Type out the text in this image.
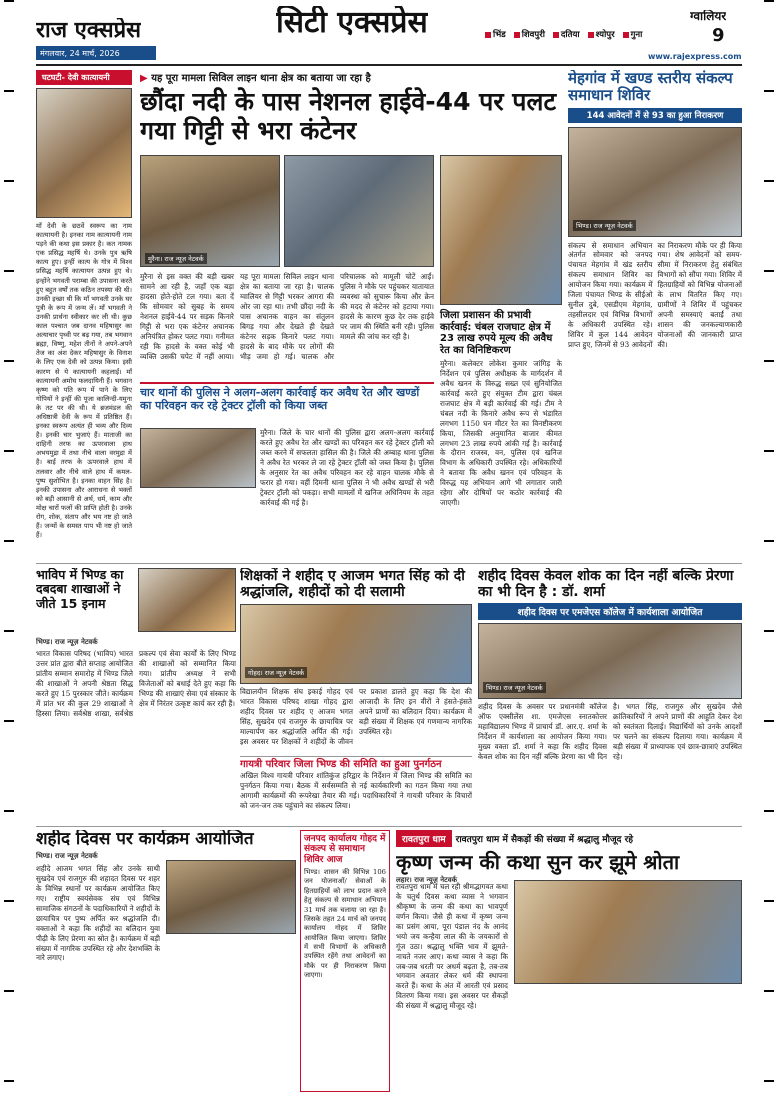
राज एक्सप्रेस
मंगलवार, 24 मार्च, 2026
सिटी एक्सप्रेस	भिंड शिवपुरी दतिया श्योपुर गुना
ग्वालियर
9
www.rajexpress.com
घटघटी- देवी कात्यायनी
माँ देवी के छठवें स्वरूप का नाम कात्यायनी है। इनका नाम कात्यायनी नाम पड़ने की कथा इस प्रकार है। कत नामक एक प्रसिद्ध महर्षि थे। उनके पुत्र ऋषि कात्य हुए। इन्हीं कात्य के गोत्र में विश्व प्रसिद्ध महर्षि कात्यायन उत्पन्न हुए थे। इन्होंने भगवती पराम्बा की उपासना करते हुए बहुत वर्षों तक कठिन तपस्या की थी। उनकी इच्छा थी कि माँ भगवती उनके घर पुत्री के रूप में जन्म लें। माँ भगवती ने उनकी प्रार्थना स्वीकार कर ली थी। कुछ काल पश्चात जब दानव महिषासुर का अत्याचार पृथ्वी पर बढ़ गया, तब भगवान ब्रह्मा, विष्णु, महेश तीनों ने अपने-अपने तेज का अंश देकर महिषासुर के विनाश के लिए एक देवी को उत्पन्न किया। इसी कारण से ये कात्यायनी कहलाईं। माँ कात्यायनी अमोघ फलदायिनी हैं। भगवान कृष्ण को पति रूप में पाने के लिए गोपियों ने इन्हीं की पूजा कालिन्दी-यमुना के तट पर की थी। ये ब्रजमंडल की अधिष्ठात्री देवी के रूप में प्रतिष्ठित हैं। इनका स्वरूप अत्यंत ही भव्य और दिव्य है। इनकी चार भुजाएं हैं। माताजी का दाहिनी तरफ का ऊपरवाला हाथ अभयमुद्रा में तथा नीचे वाला वरमुद्रा में है। बाईं तरफ के ऊपरवाले हाथ में तलवार और नीचे वाले हाथ में कमल-पुष्प सुशोभित है। इनका वाहन सिंह है। इनकी उपासना और आराधना से भक्तों को बड़ी आसानी से अर्थ, धर्म, काम और मोक्ष चारों फलों की प्राप्ति होती है। उनके रोग, शोक, संताप और भय नष्ट हो जाते हैं। जन्मों के समस्त पाप भी नष्ट हो जाते हैं।
▶ यह पूरा मामला सिविल लाइन थाना क्षेत्र का बताया जा रहा है
छौंदा नदी के पास नेशनल हाईवे-44 पर पलट गया गिट्टी से भरा कंटेनर
मुरैना। राज न्यूज़ नेटवर्क
मुरैना से इस वक्त की बड़ी खबर सामने आ रही है, जहाँ एक बड़ा हादसा होते-होते टल गया। बता दें कि सोमवार को सुबह के समय नेशनल हाईवे-44 पर सड़क किनारे गिट्टी से भरा एक कंटेनर अचानक अनियंत्रित होकर पलट गया। गनीमत रही कि हादसे के वक्त कोई भी व्यक्ति उसकी चपेट में नहीं आया। यह पूरा मामला सिविल लाइन थाना क्षेत्र का बताया जा रहा है। चालक ग्वालियर से गिट्टी भरकर आगरा की ओर जा रहा था। तभी छौंदा नदी के पास अचानक वाहन का संतुलन बिगड़ गया और देखते ही देखते कंटेनर सड़क किनारे पलट गया। हादसे के बाद मौके पर लोगों की भीड़ जमा हो गई। चालक और परिचालक को मामूली चोटें आईं। पुलिस ने मौके पर पहुंचकर यातायात व्यवस्था को सुचारू किया और क्रेन की मदद से कंटेनर को हटाया गया। हादसे के कारण कुछ देर तक हाईवे पर जाम की स्थिति बनी रही। पुलिस मामले की जांच कर रही है।
चार थानों की पुलिस ने अलग-अलग कार्रवाई कर अवैध रेत और खण्डों का परिवहन कर रहे ट्रेक्टर ट्रॉली को किया जब्त
मुरैना। जिले के चार थानों की पुलिस द्वारा अलग-अलग कार्रवाई करते हुए अवैध रेत और खण्डों का परिवहन कर रहे ट्रेक्टर ट्रॉली को जब्त करने में सफलता हासिल की है। जिले की अम्बाह थाना पुलिस ने अवैध रेत भरकर ले जा रहे ट्रेक्टर ट्रॉली को जब्त किया है। पुलिस के अनुसार रेत का अवैध परिवहन कर रहे वाहन चालक मौके से फरार हो गया। वहीं दिमनी थाना पुलिस ने भी अवैध खण्डों से भरी ट्रेक्टर ट्रॉली को पकड़ा। सभी मामलों में खनिज अधिनियम के तहत कार्रवाई की गई है।
जिला प्रशासन की प्रभावी कार्रवाई: चंबल राजघाट क्षेत्र में 23 लाख रुपये मूल्य की अवैध रेत का विनिष्टिकरण
मुरैना। कलेक्टर लोकेश कुमार जांगिड़ के निर्देशन एवं पुलिस अधीक्षक के मार्गदर्शन में अवैध खनन के विरुद्ध सख्त एवं सुनियोजित कार्रवाई करते हुए संयुक्त टीम द्वारा चंबल राजघाट क्षेत्र में बड़ी कार्रवाई की गई। टीम ने चंबल नदी के किनारे अवैध रूप से भंडारित लगभग 1150 घन मीटर रेत का विनष्टीकरण किया, जिसकी अनुमानित बाजार कीमत लगभग 23 लाख रुपये आंकी गई है। कार्रवाई के दौरान राजस्व, वन, पुलिस एवं खनिज विभाग के अधिकारी उपस्थित रहे। अधिकारियों ने बताया कि अवैध खनन एवं परिवहन के विरुद्ध यह अभियान आगे भी लगातार जारी रहेगा और दोषियों पर कठोर कार्रवाई की जाएगी।
मेहगांव में खण्ड स्तरीय संकल्प समाधान शिविर
144 आवेदनों में से 93 का हुआ निराकरण
भिण्ड। राज न्यूज़ नेटवर्क
संकल्प से समाधान अभियान अंतर्गत सोमवार को जनपद पंचायत मेहगांव में खंड स्तरीय संकल्प समाधान शिविर का आयोजन किया गया। कार्यक्रम में जिला पंचायत भिण्ड के सीईओ सुनील दुबे, एसडीएम मेहगांव, तहसीलदार एवं विभिन्न विभागों के अधिकारी उपस्थित रहे। शिविर में कुल 144 आवेदन प्राप्त हुए, जिनमें से 93 आवेदनों का निराकरण मौके पर ही किया गया। शेष आवेदनों को समय-सीमा में निराकरण हेतु संबंधित विभागों को सौंपा गया। शिविर में हितग्राहियों को विभिन्न योजनाओं के लाभ वितरित किए गए। ग्रामीणों ने शिविर में पहुंचकर अपनी समस्याएं बताईं तथा शासन की जनकल्याणकारी योजनाओं की जानकारी प्राप्त की।
भाविप में भिण्ड का दबदबा शाखाओं ने जीते 15 इनाम
भिण्ड। राज न्यूज़ नेटवर्क
भारत विकास परिषद (भाविप) भारत उत्तर प्रांत द्वारा बीते सप्ताह आयोजित प्रांतीय सम्मान समारोह में भिण्ड जिले की शाखाओं ने अपनी श्रेष्ठता सिद्ध करते हुए 15 पुरस्कार जीते। कार्यक्रम में प्रांत भर की कुल 29 शाखाओं ने हिस्सा लिया। सर्वश्रेष्ठ शाखा, सर्वश्रेष्ठ प्रकल्प एवं सेवा कार्यों के लिए भिण्ड की शाखाओं को सम्मानित किया गया। प्रांतीय अध्यक्ष ने सभी विजेताओं को बधाई देते हुए कहा कि भिण्ड की शाखाएं सेवा एवं संस्कार के क्षेत्र में निरंतर उत्कृष्ट कार्य कर रही हैं।
शिक्षकों ने शहीद ए आजम भगत सिंह को दी श्रद्धांजलि, शहीदों को दी सलामी
गोहद। राज न्यूज़ नेटवर्क
विद्यालयीन शिक्षक संघ इकाई गोहद एवं भारत विकास परिषद शाखा गोहद द्वारा शहीद दिवस पर शहीद ए आजम भगत सिंह, सुखदेव एवं राजगुरु के छायाचित्र पर माल्यार्पण कर श्रद्धांजलि अर्पित की गई। इस अवसर पर शिक्षकों ने शहीदों के जीवन पर प्रकाश डालते हुए कहा कि देश की आजादी के लिए इन वीरों ने हंसते-हंसते अपने प्राणों का बलिदान दिया। कार्यक्रम में बड़ी संख्या में शिक्षक एवं गणमान्य नागरिक उपस्थित रहे।
गायत्री परिवार जिला भिण्ड की समिति का हुआ पुनर्गठन
अखिल विश्व गायत्री परिवार शांतिकुंज हरिद्वार के निर्देशन में जिला भिण्ड की समिति का पुनर्गठन किया गया। बैठक में सर्वसम्मति से नई कार्यकारिणी का गठन किया गया तथा आगामी कार्यक्रमों की रूपरेखा तैयार की गई। पदाधिकारियों ने गायत्री परिवार के विचारों को जन-जन तक पहुंचाने का संकल्प लिया।
शहीद दिवस केवल शोक का दिन नहीं बल्कि प्रेरणा का भी दिन है : डॉ. शर्मा
शहीद दिवस पर एमजेएस कॉलेज में कार्यशाला आयोजित
भिण्ड। राज न्यूज़ नेटवर्क
शहीद दिवस के अवसर पर प्रधानमंत्री कॉलेज ऑफ एक्सीलेंस शा. एमजेएस स्नातकोत्तर महाविद्यालय भिण्ड में प्राचार्य डॉ. आर.ए. शर्मा के निर्देशन में कार्यशाला का आयोजन किया गया। मुख्य वक्ता डॉ. शर्मा ने कहा कि शहीद दिवस केवल शोक का दिन नहीं बल्कि प्रेरणा का भी दिन है। भगत सिंह, राजगुरु और सुखदेव जैसे क्रांतिकारियों ने अपने प्राणों की आहुति देकर देश को स्वतंत्रता दिलाई। विद्यार्थियों को उनके आदर्शों पर चलने का संकल्प दिलाया गया। कार्यक्रम में बड़ी संख्या में प्राध्यापक एवं छात्र-छात्राएं उपस्थित रहे।
शहीद दिवस पर कार्यक्रम आयोजित
भिण्ड। राज न्यूज़ नेटवर्क
शहीदे आजम भगत सिंह और उनके साथी सुखदेव एवं राजगुरु की शहादत दिवस पर शहर के विभिन्न स्थानों पर कार्यक्रम आयोजित किए गए। राष्ट्रीय स्वयंसेवक संघ एवं विभिन्न सामाजिक संगठनों के पदाधिकारियों ने शहीदों के छायाचित्र पर पुष्प अर्पित कर श्रद्धांजलि दी। वक्ताओं ने कहा कि शहीदों का बलिदान युवा पीढ़ी के लिए प्रेरणा का स्रोत है। कार्यक्रम में बड़ी संख्या में नागरिक उपस्थित रहे और देशभक्ति के नारे लगाए।
जनपद कार्यालय गोहद में संकल्प से समाधान शिविर आज
भिण्ड। शासन की विभिन्न 106 जन योजनाओं/ सेवाओं के हितग्राहियों को लाभ प्रदान करने हेतु संकल्प से समाधान अभियान 31 मार्च तक चलाया जा रहा है। जिसके तहत 24 मार्च को जनपद कार्यालय गोहद में शिविर आयोजित किया जाएगा। शिविर में सभी विभागों के अधिकारी उपस्थित रहेंगे तथा आवेदनों का मौके पर ही निराकरण किया जाएगा।
रावतपुरा धाम	रावतपुरा धाम में सैकड़ों की संख्या में श्रद्धालु मौजूद रहे
कृष्ण जन्म की कथा सुन कर झूमे श्रोता
लहार। राज न्यूज़ नेटवर्क
रावतपुरा धाम में चल रही श्रीमद्भागवत कथा के चतुर्थ दिवस कथा व्यास ने भगवान श्रीकृष्ण के जन्म की कथा का भावपूर्ण वर्णन किया। जैसे ही कथा में कृष्ण जन्म का प्रसंग आया, पूरा पंडाल नंद के आनंद भयो जय कन्हैया लाल की के जयकारों से गूंज उठा। श्रद्धालु भक्ति भाव में झूमते-नाचते नजर आए। कथा व्यास ने कहा कि जब-जब धरती पर अधर्म बढ़ता है, तब-तब भगवान अवतार लेकर धर्म की स्थापना करते हैं। कथा के अंत में आरती एवं प्रसाद वितरण किया गया। इस अवसर पर सैकड़ों की संख्या में श्रद्धालु मौजूद रहे।
